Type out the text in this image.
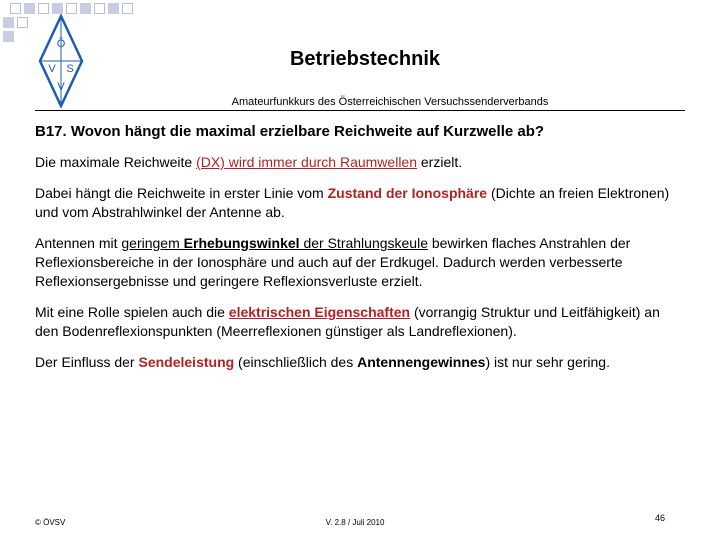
Ö
V S
V
Betriebstechnik
Amateurfunkkurs des Österreichischen Versuchssenderverbands

B17. Wovon hängt die maximal erzielbare Reichweite auf Kurzwelle ab?

Die maximale Reichweite (DX) wird immer durch Raumwellen erzielt.

Dabei hängt die Reichweite in erster Linie vom Zustand der Ionosphäre (Dichte an freien Elektronen) und vom Abstrahlwinkel der Antenne ab.

Antennen mit geringem Erhebungswinkel der Strahlungskeule bewirken flaches Anstrahlen der Reflexionsbereiche in der Ionosphäre und auch auf der Erdkugel. Dadurch werden verbesserte Reflexionsergebnisse und geringere Reflexionsverluste erzielt.

Mit eine Rolle spielen auch die elektrischen Eigenschaften (vorrangig Struktur und Leitfähigkeit) an den Bodenreflexionspunkten (Meerreflexionen günstiger als Landreflexionen).

Der Einfluss der Sendeleistung (einschließlich des Antennengewinnes) ist nur sehr gering.

© ÖVSV	V. 2.8 / Juli 2010	46
